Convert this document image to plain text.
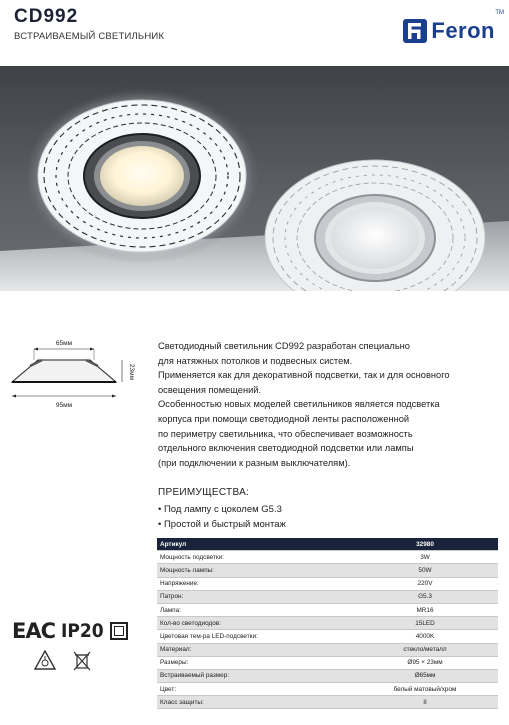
CD992
ВСТРАИВАЕМЫЙ СВЕТИЛЬНИК	Feron
TM
65мм
23мм
95мм

Светодиодный светильник CD992 разработан специально

для натяжных потолков и подвесных систем.

Применяется как для декоративной подсветки, так и для основного

освещения помещений.

Особенностью новых моделей светильников является подсветка

корпуса при помощи светодиодной ленты расположенной

по периметру светильника, что обеспечивает возможность

отдельного включения светодиодной подсветки или лампы

(при подключении к разным выключателям).

ПРЕИМУЩЕСТВА:
• Под лампу с цоколем G5.3
• Простой и быстрый монтаж
Артикул	32980
Мощность подсветки:	3W
Мощность лампы:	50W
Напряжение:	220V
Патрон:	G5.3
Лампа:	MR16
Кол-во светодиодов:	15LED
Цветовая тем-ра LED-подсветки:	4000K
Материал:	стекло/металл
Размеры:	Ø95 × 23мм
Встраиваемый размер:	Ø65мм
Цвет:	белый матовый/хром
Класс защиты:	II
EAC IP20
